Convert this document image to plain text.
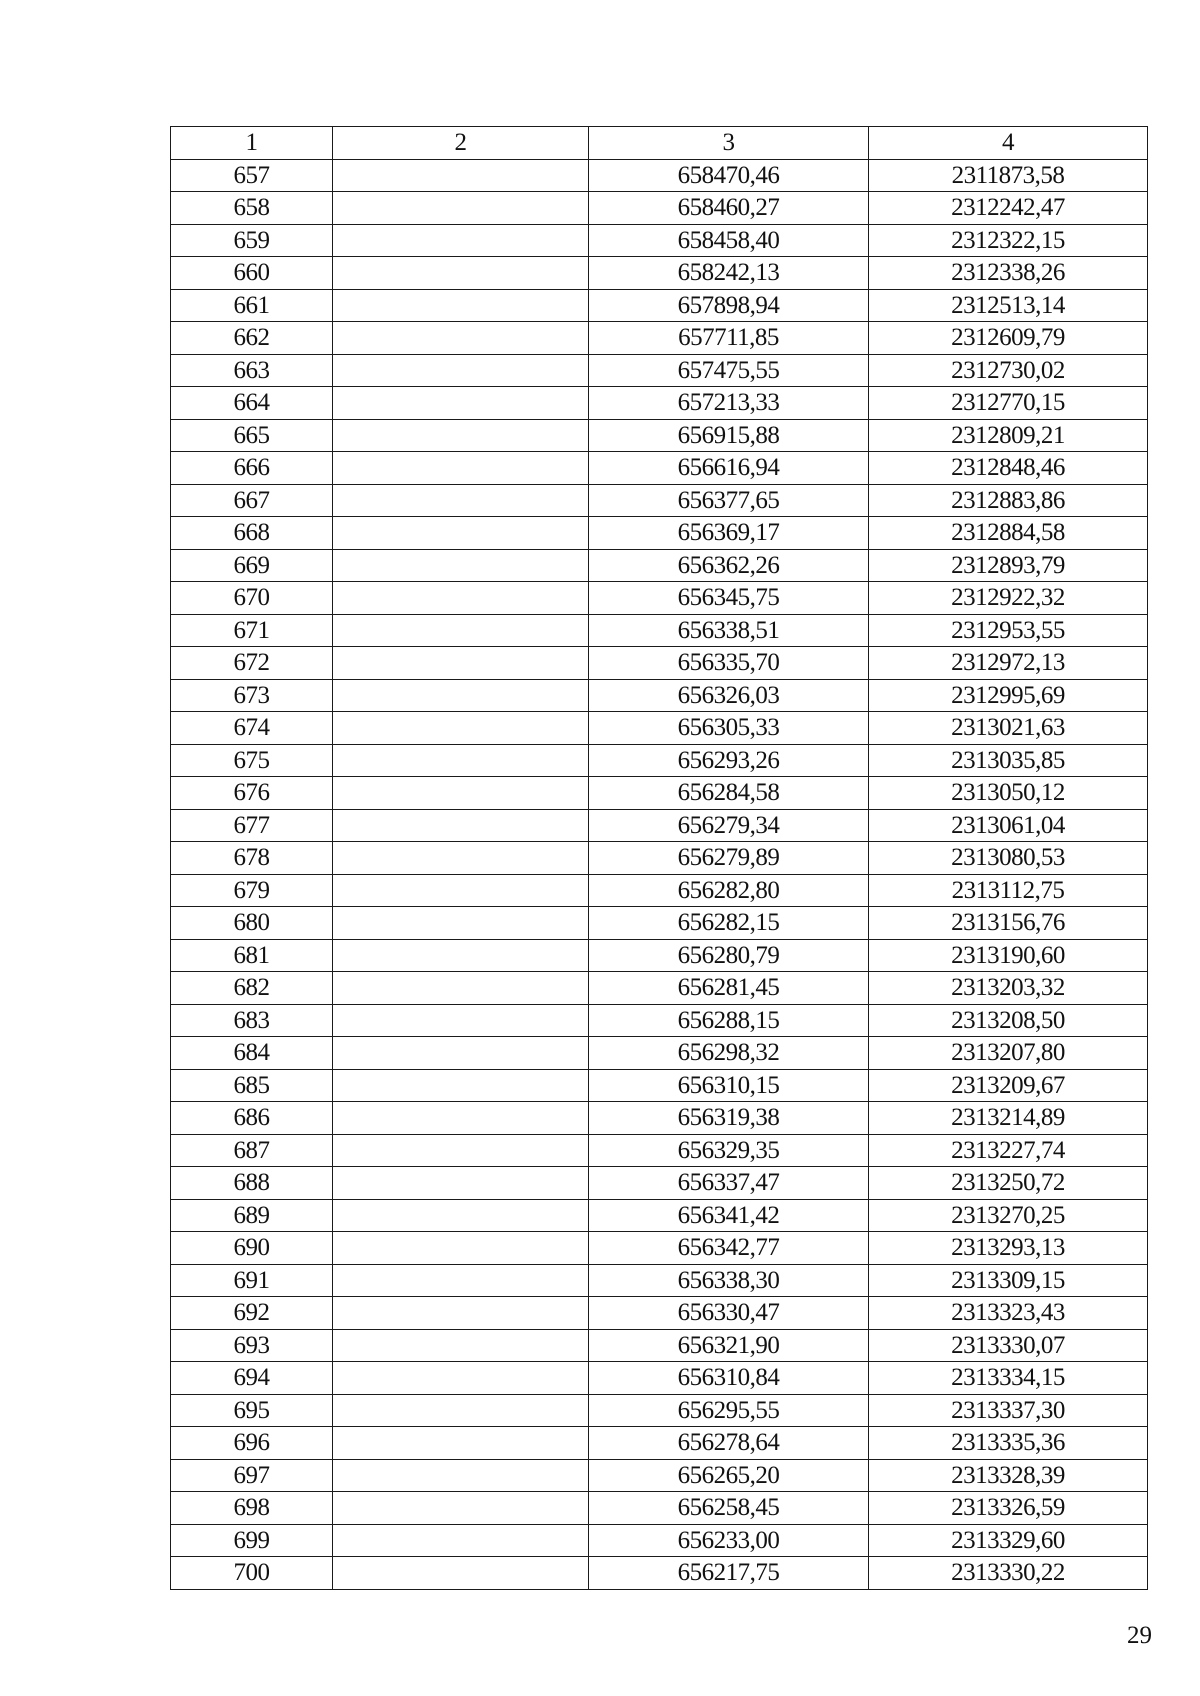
1	2	3	4
657		658470,46	2311873,58
658		658460,27	2312242,47
659		658458,40	2312322,15
660		658242,13	2312338,26
661		657898,94	2312513,14
662		657711,85	2312609,79
663		657475,55	2312730,02
664		657213,33	2312770,15
665		656915,88	2312809,21
666		656616,94	2312848,46
667		656377,65	2312883,86
668		656369,17	2312884,58
669		656362,26	2312893,79
670		656345,75	2312922,32
671		656338,51	2312953,55
672		656335,70	2312972,13
673		656326,03	2312995,69
674		656305,33	2313021,63
675		656293,26	2313035,85
676		656284,58	2313050,12
677		656279,34	2313061,04
678		656279,89	2313080,53
679		656282,80	2313112,75
680		656282,15	2313156,76
681		656280,79	2313190,60
682		656281,45	2313203,32
683		656288,15	2313208,50
684		656298,32	2313207,80
685		656310,15	2313209,67
686		656319,38	2313214,89
687		656329,35	2313227,74
688		656337,47	2313250,72
689		656341,42	2313270,25
690		656342,77	2313293,13
691		656338,30	2313309,15
692		656330,47	2313323,43
693		656321,90	2313330,07
694		656310,84	2313334,15
695		656295,55	2313337,30
696		656278,64	2313335,36
697		656265,20	2313328,39
698		656258,45	2313326,59
699		656233,00	2313329,60
700		656217,75	2313330,22
29
